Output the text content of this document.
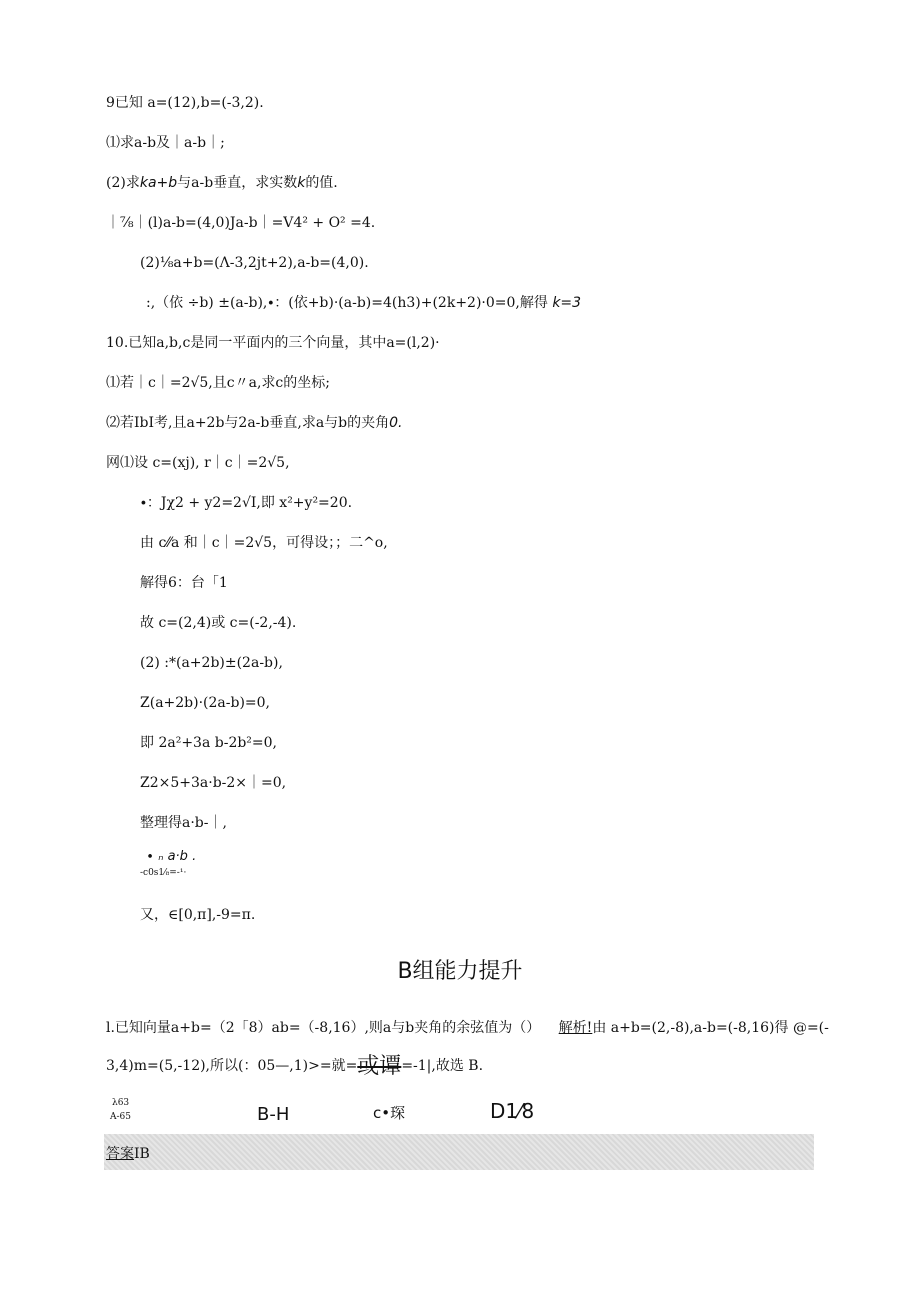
9已知 a=(12),b=(-3,2).
⑴求a-b及｜a-b｜;
(2)求ka+b与a-b垂直，求实数k的值.
｜⅞｜(l)a-b=(4,0)Ja-b｜=V4² + O² =4.
(2)⅛a+b=(Λ-3,2jt+2),a-b=(4,0).
:,（依 ÷b) ±(a-b),∙：(依+b)·(a-b)=4(h3)+(2k+2)·0=0,解得 k=3
10.已知a,b,c是同一平面内的三个向量，其中a=(l,2)·
⑴若｜c｜=2√5,且c〃a,求c的坐标;
⑵若IbI考,且a+2b与2a-b垂直,求a与b的夹角0.
网⑴设 c=(xj), r｜c｜=2√5,
∙：Jχ2 + y2=2√I,即 x²+y²=20.
由 c⁄⁄a 和｜c｜=2√5，可得设；；二^o,
解得6：台「1
故 c=(2,4)或 c=(-2,-4).
(2) :*(a+2b)±(2a-b),
Z(a+2b)·(2a-b)=0,
即 2a²+3a b-2b²=0,
Z2×5+3a·b-2×｜=0,
整理得a·b-｜,
∙ ₙ a·b .
-c0s1⁄₈=-¹·
又，∈[0,π],-9=π.
B组能力提升
l.已知向量a+b=（2「8）ab=（-8,16）,则a与b夹角的余弦值为（） 解析!由 a+b=(2,-8),a-b=(-8,16)得 @=(-
3,4)m=(5,-12),所以(：05—,1)>=就=或谭=-1|,故选 B.
λ63
A-65	B-H	c•琛	D1⁄8
答案IB
